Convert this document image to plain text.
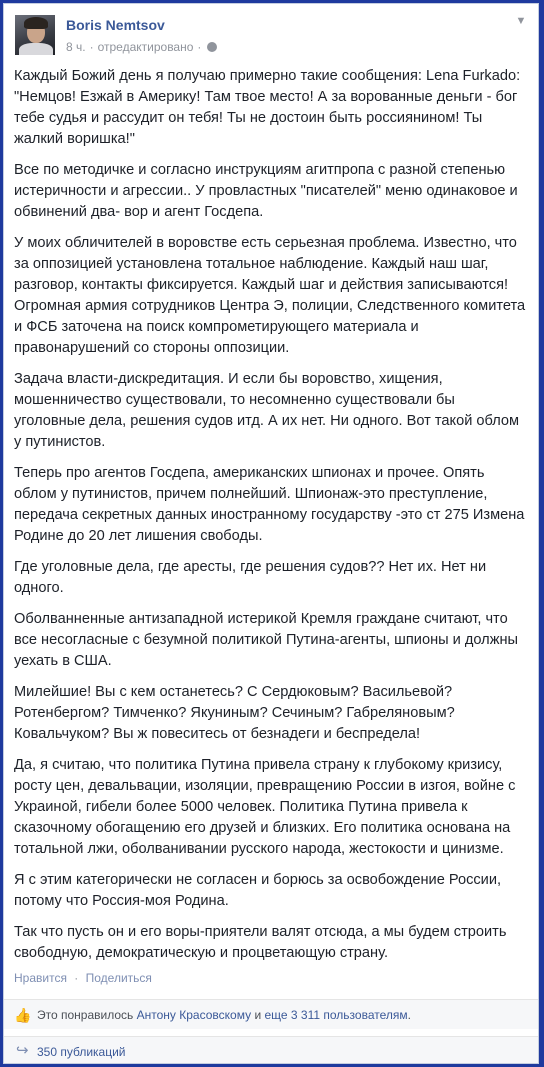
Boris Nemtsov
8 ч. · отредактировано ·
▼

Каждый Божий день я получаю примерно такие сообщения: Lena Furkado: "Немцов! Езжай в Америку! Там твое место! А за ворованные деньги - бог тебе судья и рассудит он тебя! Ты не достоин быть россиянином! Ты жалкий воришка!"

Все по методичке и согласно инструкциям агитпропа с разной степенью истеричности и агрессии.. У провластных "писателей" меню одинаковое и обвинений два- вор и агент Госдепа.

У моих обличителей в воровстве есть серьезная проблема. Известно, что за оппозицией установлена тотальное наблюдение. Каждый наш шаг, разговор, контакты фиксируется. Каждый шаг и действия записываются! Огромная армия сотрудников Центра Э, полиции, Следственного комитета и ФСБ заточена на поиск компрометирующего материала и правонарушений со стороны оппозиции.

Задача власти-дискредитация. И если бы воровство, хищения, мошенничество существовали, то несомненно существовали бы уголовные дела, решения судов итд. А их нет. Ни одного. Вот такой облом у путинистов.

Теперь про агентов Госдепа, американских шпионах и прочее. Опять облом у путинистов, причем полнейший. Шпионаж-это преступление, передача секретных данных иностранному государству -это ст 275 Измена Родине до 20 лет лишения свободы.

Где уголовные дела, где аресты, где решения судов?? Нет их. Нет ни одного.

Оболванненные антизападной истерикой Кремля граждане считают, что все несогласные с безумной политикой Путина-агенты, шпионы и должны уехать в США.

Милейшие! Вы с кем останетесь? С Сердюковым? Васильевой? Ротенбергом? Тимченко? Якуниным? Сечиным? Габреляновым? Ковальчуком? Вы ж повеситесь от безнадеги и беспредела!

Да, я считаю, что политика Путина привела страну к глубокому кризису, росту цен, девальвации, изоляции, превращению России в изгоя, войне с Украиной, гибели более 5000 человек. Политика Путина привела к сказочному обогащению его друзей и близких. Его политика основана на тотальной лжи, оболванивании русского народа, жестокости и цинизме.

Я с этим категорически не согласен и борюсь за освобождение России, потому что Россия-моя Родина.

Так что пусть он и его воры-приятели валят отсюда, а мы будем строить свободную, демократическую и процветающую страну.

Нравится · Поделиться
👍 Это понравилось Антону Красовскому и еще 3 311 пользователям.
↪ 350 публикаций
